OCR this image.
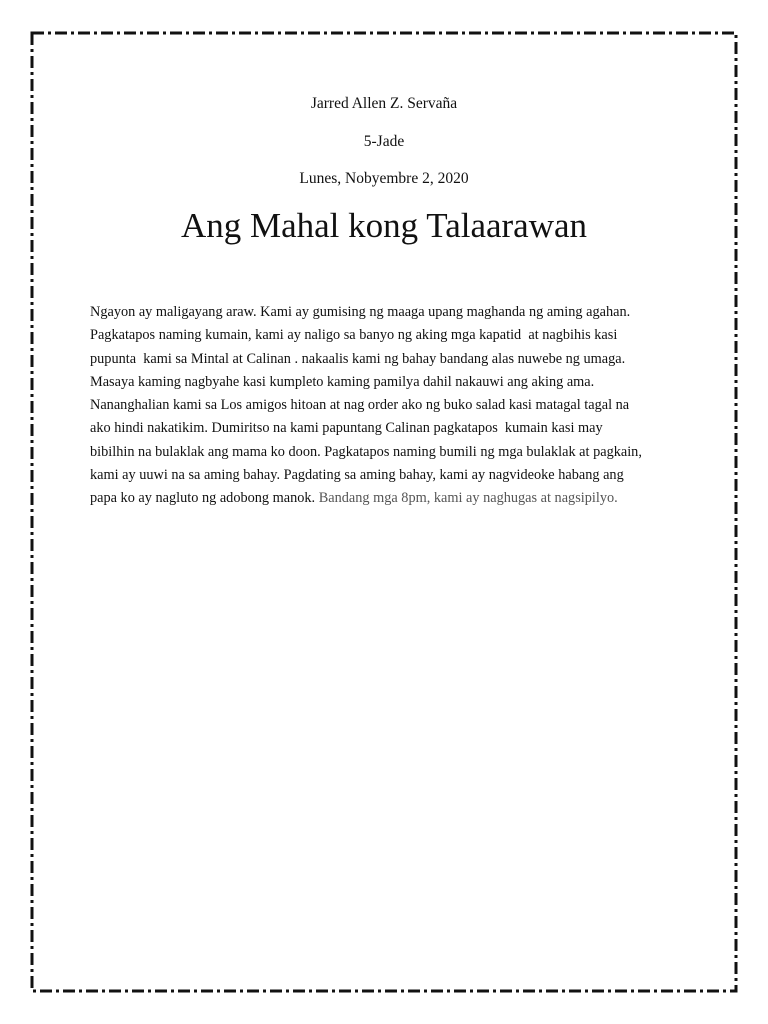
Jarred Allen Z. Servaña
5-Jade
Lunes, Nobyembre 2, 2020
Ang Mahal kong Talaarawan
Ngayon ay maligayang araw. Kami ay gumising ng maaga upang maghanda ng aming agahan.
Pagkatapos naming kumain, kami ay naligo sa banyo ng aking mga kapatid  at nagbihis kasi
pupunta  kami sa Mintal at Calinan . nakaalis kami ng bahay bandang alas nuwebe ng umaga.
Masaya kaming nagbyahe kasi kumpleto kaming pamilya dahil nakauwi ang aking ama.
Nananghalian kami sa Los amigos hitoan at nag order ako ng buko salad kasi matagal tagal na
ako hindi nakatikim. Dumiritso na kami papuntang Calinan pagkatapos  kumain kasi may
bibilhin na bulaklak ang mama ko doon. Pagkatapos naming bumili ng mga bulaklak at pagkain,
kami ay uuwi na sa aming bahay. Pagdating sa aming bahay, kami ay nagvideoke habang ang
papa ko ay nagluto ng adobong manok. Bandang mga 8pm, kami ay naghugas at nagsipilyo.
